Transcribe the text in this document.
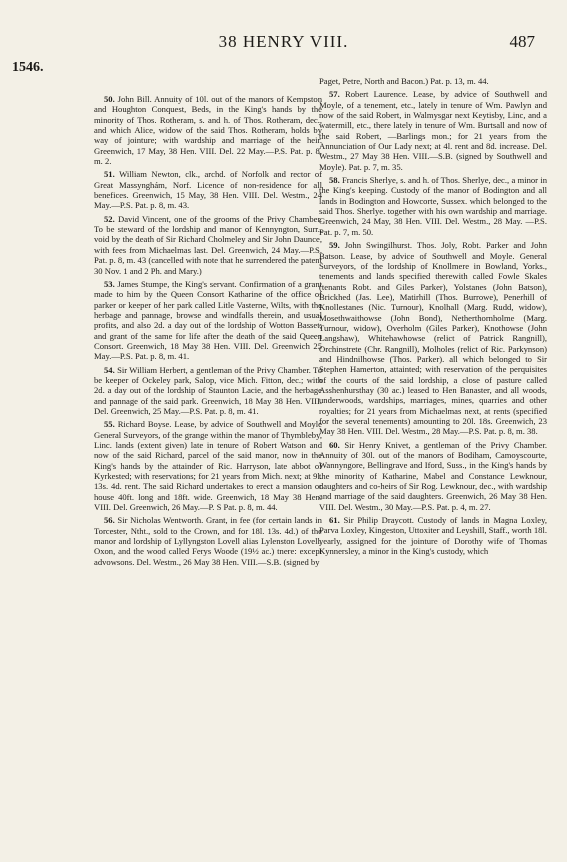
38 HENRY VIII.	487
1546.

50. John Bill. Annuity of 10l. out of the manors of Kempston and Houghton Conquest, Beds, in the King's hands by the minority of Thos. Rotheram, s. and h. of Thos. Rotheram, dec., and which Alice, widow of the said Thos. Rotheram, holds by way of jointure; with wardship and marriage of the heir. Greenwich, 17 May, 38 Hen. VIII. Del. 22 May.—P.S. Pat. p. 8, m. 2.

51. William Newton, clk., archd. of Norfolk and rector of Great Massynghám, Norf. Licence of non-residence for all benefices. Greenwich, 15 May, 38 Hen. VIII. Del. Westm., 24 May.—P.S. Pat. p. 8, m. 43.

52. David Vincent, one of the grooms of the Privy Chamber. To be steward of the lordship and manor of Kennyngton, Surr., void by the death of Sir Richard Cholmeley and Sir John Daunce, with fees from Michaelmas last. Del. Greenwich, 24 May.—P.S. Pat. p. 8, m. 43 (cancelled with note that he surrendered the patent 30 Nov. 1 and 2 Ph. and Mary.)

53. James Stumpe, the King's servant. Confirmation of a grant made to him by the Queen Consort Katharine of the office of parker or keeper of her park called Litle Vasterne, Wilts, with the herbage and pannage, browse and windfalls therein, and usual profits, and also 2d. a day out of the lordship of Wotton Basset; and grant of the same for life after the death of the said Queen Consort. Greenwich, 18 May 38 Hen. VIII. Del. Greenwich 25 May.—P.S. Pat. p. 8, m. 41.

54. Sir William Herbert, a gentleman of the Privy Chamber. To be keeper of Ockeley park, Salop, vice Mich. Fitton, dec.; with 2d. a day out of the lordship of Staunton Lacie, and the herbage and pannage of the said park. Greenwich, 18 May 38 Hen. VIII. Del. Greenwich, 25 May.—P.S. Pat. p. 8, m. 41.

55. Richard Boyse. Lease, by advice of Southwell and Moyle General Surveyors, of the grange within the manor of Thymbleby, Linc. lands (extent given) late in tenure of Robert Watson and now of the said Richard, parcel of the said manor, now in the King's hands by the attainder of Ric. Harryson, late abbot of Kyrkested; with reservations; for 21 years from Mich. next; at 9l. 13s. 4d. rent. The said Richard undertakes to erect a mansion or house 40ft. long and 18ft. wide. Greenwich, 18 May 38 Hen. VIII. Del. Greenwich, 26 May.—P. S Pat. p. 8, m. 44.

56. Sir Nicholas Wentworth. Grant, in fee (for certain lands in Torcester, Ntht., sold to the Crown, and for 18l. 13s. 4d.) of the manor and lordship of Lyllyngston Lovell alias Lylenston Lovell, Oxon, and the wood called Ferys Woode (19½ ac.) tnere: except advowsons. Del. Westm., 26 May 38 Hen. VIII.—S.B. (signed by

Paget, Petre, North and Bacon.) Pat. p. 13, m. 44.

57. Robert Laurence. Lease, by advice of Southwell and Moyle, of a tenement, etc., lately in tenure of Wm. Pawlyn and now of the said Robert, in Walmysgar next Keytisby, Linc, and a watermill, etc., there lately in tenure of Wm. Burtsall and now of the said Robert, —Barlings mon.; for 21 years from the Annunciation of Our Lady next; at 4l. rent and 8d. increase. Del. Westm., 27 May 38 Hen. VIII.—S.B. (signed by Southwell and Moyle). Pat. p. 7, m. 35.

58. Francis Sherlye, s. and h. of Thos. Sherlye, dec., a minor in the King's keeping. Custody of the manor of Bodington and all lands in Bodington and Howcorte, Sussex. which belonged to the said Thos. Sherlye. together with his own wardship and marriage. Greenwich, 24 May, 38 Hen. VIII. Del. Westm., 28 May. —P.S. Pat. p. 7, m. 50.

59. John Swingilhurst. Thos. Joly, Robt. Parker and John Batson. Lease, by advice of Southwell and Moyle. General Surveyors, of the lordship of Knollmere in Bowland, Yorks., tenements and lands specified therewith called Fowle Skales (tenants Robt. and Giles Parker), Yolstanes (John Batson), Brickhed (Jas. Lee), Matirhill (Thos. Burrowe), Penerhill of Knollestanes (Nic. Turnour), Knolhall (Marg. Rudd, widow), Mosethwaithowse (John Bond), Netherthornholme (Marg. Turnour, widow), Overholm (Giles Parker), Knothowse (John Langshaw), Whitehawhowse (relict of Patrick Rangnill), Orchinstrete (Chr. Rangnill), Molholes (relict of Ric. Parkynson) and Hindnilhowse (Thos. Parker). all which belonged to Sir Stephen Hamerton, attainted; with reservation of the perquisites of the courts of the said lordship, a close of pasture called Asshenhursthay (30 ac.) leased to Hen Banaster, and all woods, underwoods, wardships, marriages, mines, quarries and other royalties; for 21 years from Michaelmas next, at rents (specified for the several tenements) amounting to 20l. 18s. Greenwich, 23 May 38 Hen. VIII. Del. Westm., 28 May.—P.S. Pat. p. 8, m. 38.

60. Sir Henry Knivet, a gentleman of the Privy Chamber. Annuity of 30l. out of the manors of Bodiham, Camoyscourte, Wannyngore, Bellingrave and Iford, Suss., in the King's hands by the minority of Katharine, Mabel and Constance Lewknour, daughters and co-heirs of Sir Rog. Lewknour, dec., with wardship and marriage of the said daughters. Greenwich, 26 May 38 Hen. VIII. Del. Westm., 30 May.—P.S. Pat. p. 4, m. 27.

61. Sir Philip Draycott. Custody of lands in Magna Loxley, Parva Loxley, Kingeston, Uttoxiter and Leyshill, Staff., worth 18l. yearly, assigned for the jointure of Dorothy wife of Thomas Kynnersley, a minor in the King's custody, which
